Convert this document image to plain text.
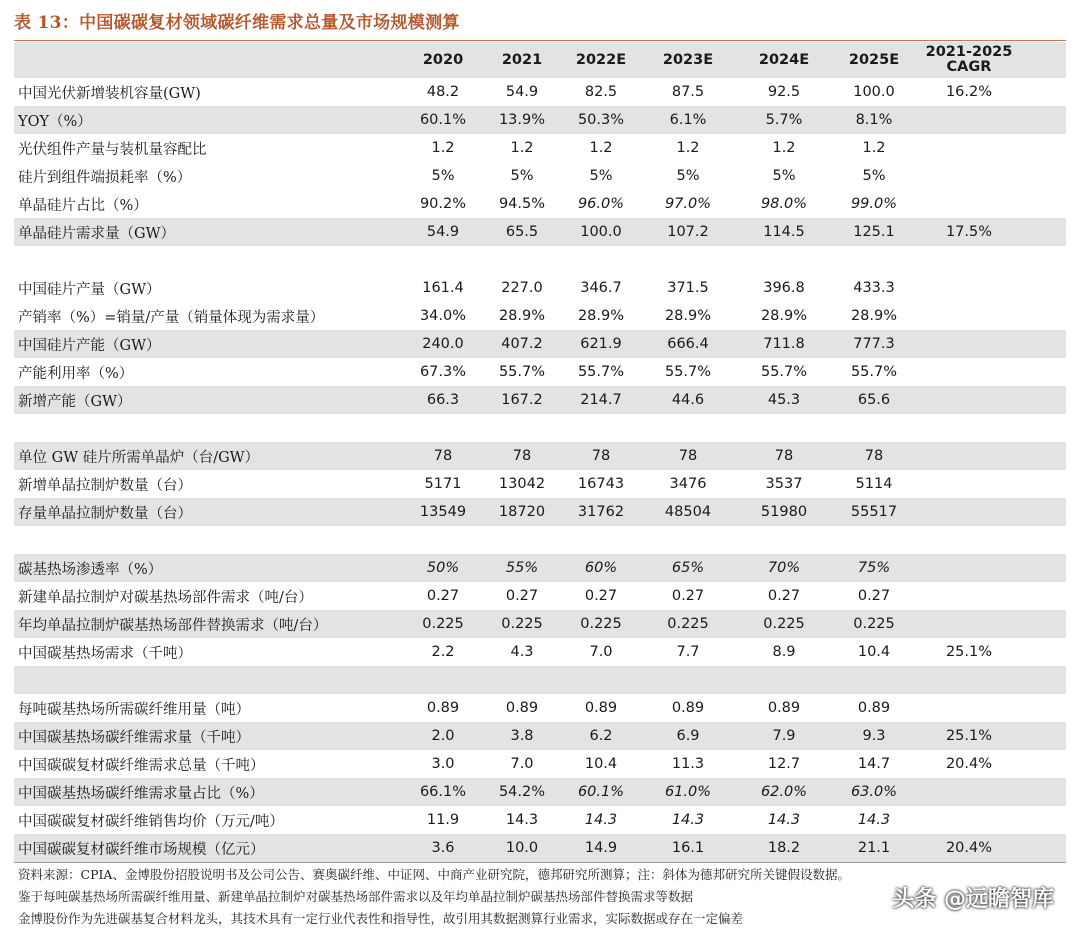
表 13：中国碳碳复材领域碳纤维需求总量及市场规模测算
2020	2021	2022E	2023E	2024E	2025E	2021-2025
CAGR
中国光伏新增装机容量(GW)	48.2	54.9	82.5	87.5	92.5	100.0	16.2%
YOY（%）	60.1%	13.9%	50.3%	6.1%	5.7%	8.1%
光伏组件产量与装机量容配比	1.2	1.2	1.2	1.2	1.2	1.2
硅片到组件端损耗率（%）	5%	5%	5%	5%	5%	5%
单晶硅片占比（%）	90.2%	94.5%	96.0%	97.0%	98.0%	99.0%
单晶硅片需求量（GW）	54.9	65.5	100.0	107.2	114.5	125.1	17.5%
中国硅片产量（GW）	161.4	227.0	346.7	371.5	396.8	433.3
产销率（%）=销量/产量（销量体现为需求量）	34.0%	28.9%	28.9%	28.9%	28.9%	28.9%
中国硅片产能（GW）	240.0	407.2	621.9	666.4	711.8	777.3
产能利用率（%）	67.3%	55.7%	55.7%	55.7%	55.7%	55.7%
新增产能（GW）	66.3	167.2	214.7	44.6	45.3	65.6
单位 GW 硅片所需单晶炉（台/GW）	78	78	78	78	78	78
新增单晶拉制炉数量（台）	5171	13042	16743	3476	3537	5114
存量单晶拉制炉数量（台）	13549	18720	31762	48504	51980	55517
碳基热场渗透率（%）	50%	55%	60%	65%	70%	75%
新建单晶拉制炉对碳基热场部件需求（吨/台）	0.27	0.27	0.27	0.27	0.27	0.27
年均单晶拉制炉碳基热场部件替换需求（吨/台）	0.225	0.225	0.225	0.225	0.225	0.225
中国碳基热场需求（千吨）	2.2	4.3	7.0	7.7	8.9	10.4	25.1%
每吨碳基热场所需碳纤维用量（吨）	0.89	0.89	0.89	0.89	0.89	0.89
中国碳基热场碳纤维需求量（千吨）	2.0	3.8	6.2	6.9	7.9	9.3	25.1%
中国碳碳复材碳纤维需求总量（千吨）	3.0	7.0	10.4	11.3	12.7	14.7	20.4%
中国碳基热场碳纤维需求量占比（%）	66.1%	54.2%	60.1%	61.0%	62.0%	63.0%
中国碳碳复材碳纤维销售均价（万元/吨）	11.9	14.3	14.3	14.3	14.3	14.3
中国碳碳复材碳纤维市场规模（亿元）	3.6	10.0	14.9	16.1	18.2	21.1	20.4%
资料来源：CPIA、金博股份招股说明书及公司公告、赛奥碳纤维、中证网、中商产业研究院，德邦研究所测算；注：斜体为德邦研究所关键假设数据。
鉴于每吨碳基热场所需碳纤维用量、新建单晶拉制炉对碳基热场部件需求以及年均单晶拉制炉碳基热场部件替换需求等数据
金博股份作为先进碳基复合材料龙头，其技术具有一定行业代表性和指导性，故引用其数据测算行业需求，实际数据或存在一定偏差
头条 @远瞻智库
